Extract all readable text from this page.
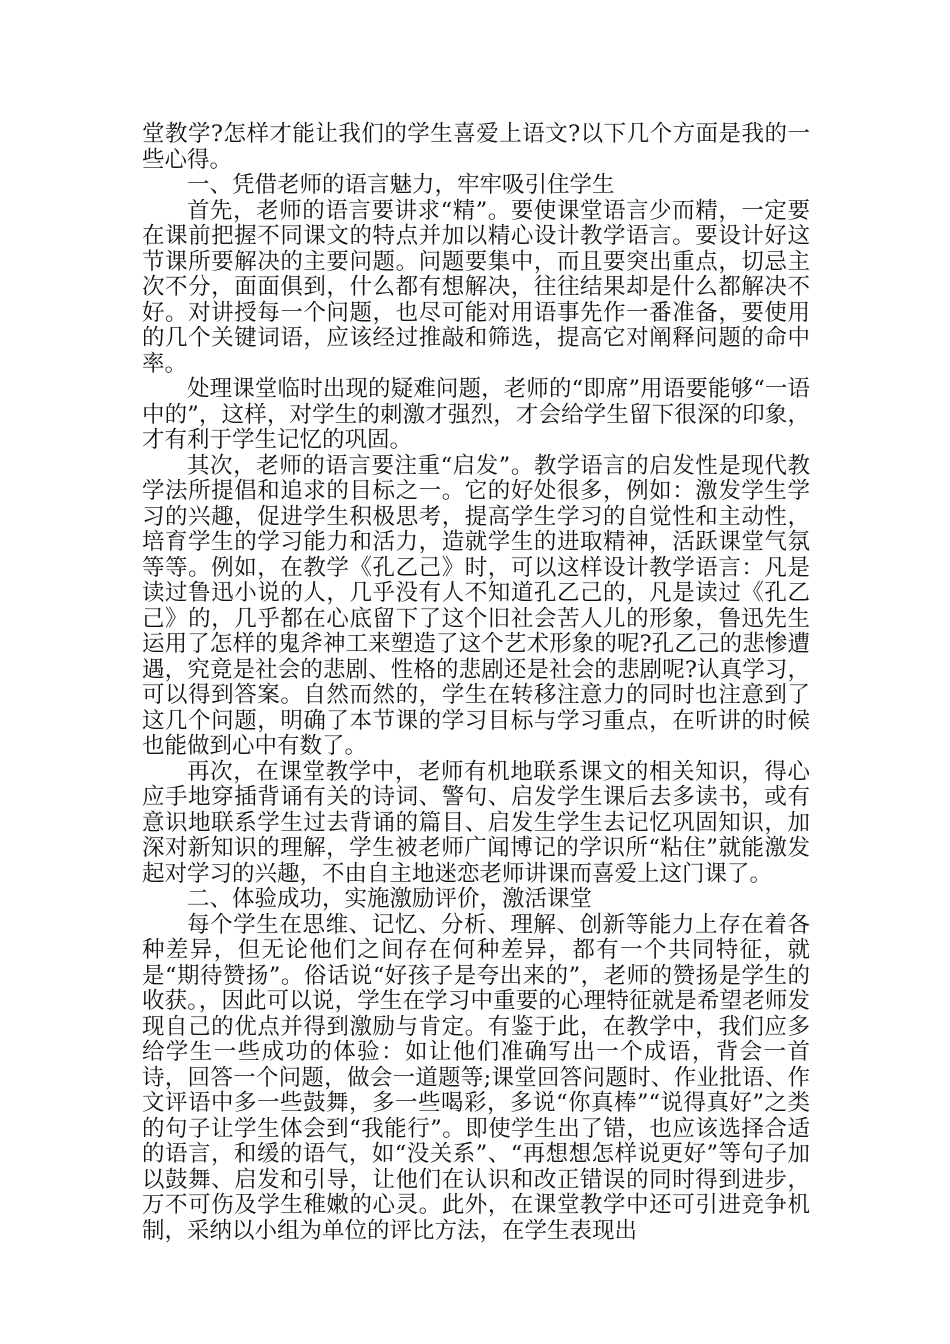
堂教学?怎样才能让我们的学生喜爱上语文?以下几个方面是我的一些心得。

一、凭借老师的语言魅力，牢牢吸引住学生

首先，老师的语言要讲求“精”。要使课堂语言少而精，一定要在课前把握不同课文的特点并加以精心设计教学语言。要设计好这节课所要解决的主要问题。问题要集中，而且要突出重点，切忌主次不分，面面俱到，什么都有想解决，往往结果却是什么都解决不好。对讲授每一个问题，也尽可能对用语事先作一番准备，要使用的几个关键词语，应该经过推敲和筛选，提高它对阐释问题的命中率。

处理课堂临时出现的疑难问题，老师的“即席”用语要能够“一语中的”，这样，对学生的刺激才强烈，才会给学生留下很深的印象，才有利于学生记忆的巩固。

其次，老师的语言要注重“启发”。教学语言的启发性是现代教学法所提倡和追求的目标之一。它的好处很多，例如：激发学生学习的兴趣，促进学生积极思考，提高学生学习的自觉性和主动性，培育学生的学习能力和活力，造就学生的进取精神，活跃课堂气氛等等。例如，在教学《孔乙己》时，可以这样设计教学语言：凡是读过鲁迅小说的人，几乎没有人不知道孔乙己的，凡是读过《孔乙己》的，几乎都在心底留下了这个旧社会苦人儿的形象，鲁迅先生运用了怎样的鬼斧神工来塑造了这个艺术形象的呢?孔乙己的悲惨遭遇，究竟是社会的悲剧、性格的悲剧还是社会的悲剧呢?认真学习，可以得到答案。自然而然的，学生在转移注意力的同时也注意到了这几个问题，明确了本节课的学习目标与学习重点，在听讲的时候也能做到心中有数了。

再次，在课堂教学中，老师有机地联系课文的相关知识，得心应手地穿插背诵有关的诗词、警句、启发学生课后去多读书，或有意识地联系学生过去背诵的篇目、启发生学生去记忆巩固知识，加深对新知识的理解，学生被老师广闻博记的学识所“粘住”就能激发起对学习的兴趣，不由自主地迷恋老师讲课而喜爱上这门课了。

二、体验成功，实施激励评价，激活课堂

每个学生在思维、记忆、分析、理解、创新等能力上存在着各种差异，但无论他们之间存在何种差异，都有一个共同特征，就是“期待赞扬”。俗话说“好孩子是夸出来的”，老师的赞扬是学生的收获。，因此可以说，学生在学习中重要的心理特征就是希望老师发现自己的优点并得到激励与肯定。有鉴于此，在教学中，我们应多给学生一些成功的体验：如让他们准确写出一个成语，背会一首诗，回答一个问题，做会一道题等;课堂回答问题时、作业批语、作文评语中多一些鼓舞，多一些喝彩，多说“你真棒”“说得真好”之类的句子让学生体会到“我能行”。即使学生出了错，也应该选择合适的语言，和缓的语气，如“没关系”、“再想想怎样说更好”等句子加以鼓舞、启发和引导，让他们在认识和改正错误的同时得到进步，万不可伤及学生稚嫩的心灵。此外，在课堂教学中还可引进竞争机制，采纳以小组为单位的评比方法，在学生表现出
